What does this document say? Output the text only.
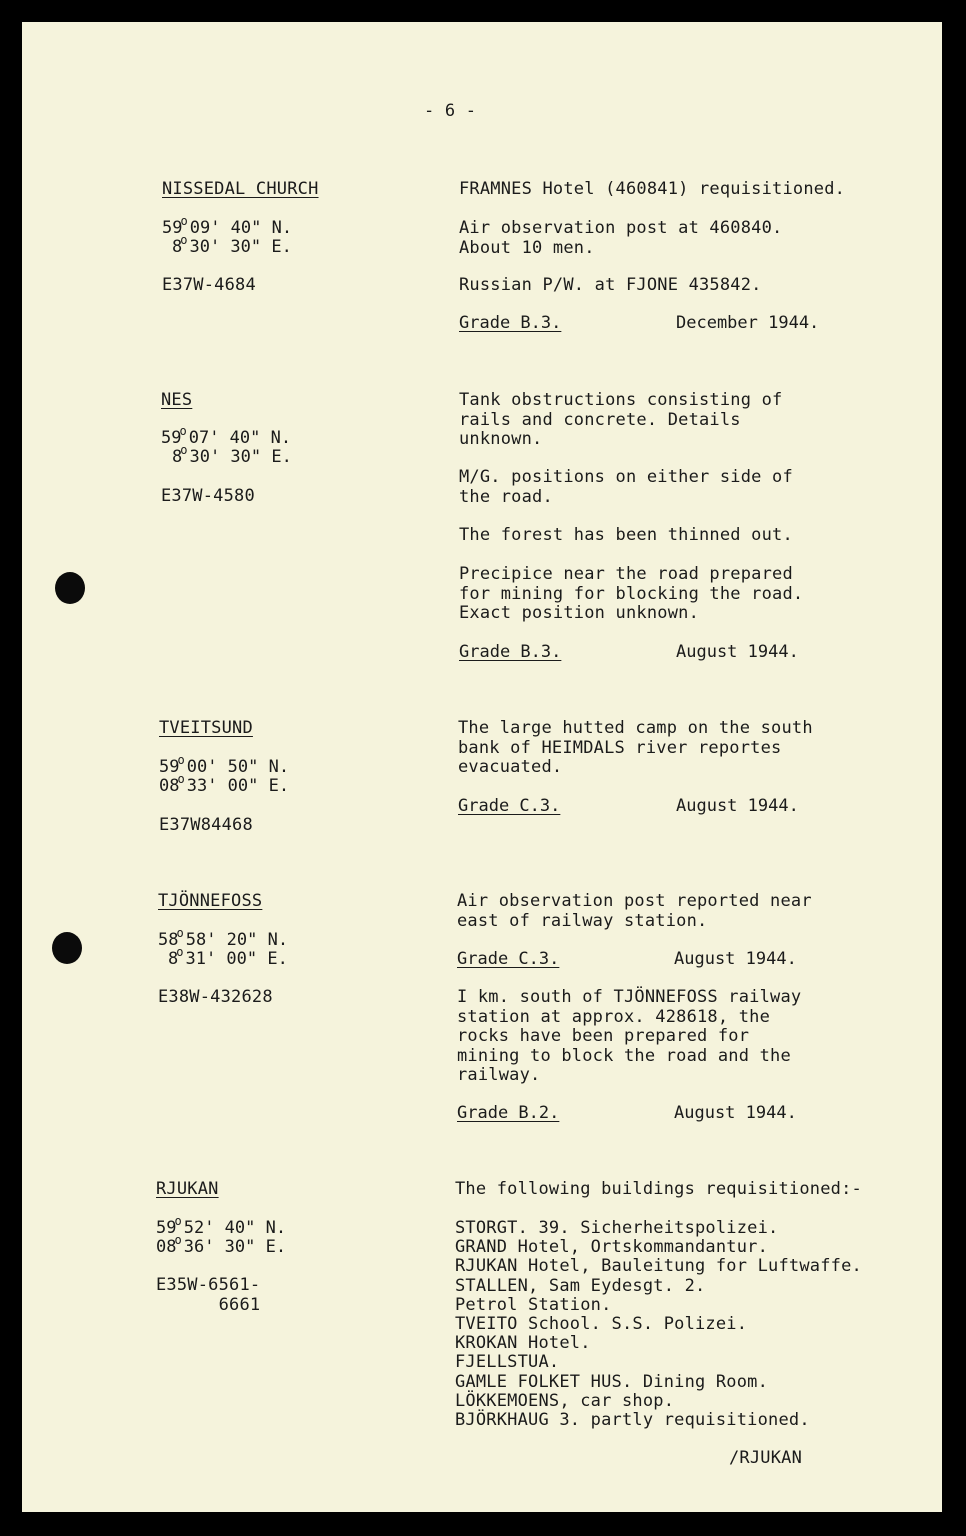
- 6 -
NISSEDAL CHURCH
59$^o$ 09' 40" N.
8$^o$ 30' 30" E.
E37W-4684
FRAMNES Hotel (460841) requisitioned.
Air observation post at 460840.
About 10 men.
Russian P/W. at FJONE 435842.
Grade B.3.	December 1944.
NES
59$^o$ 07' 40" N.
8$^o$ 30' 30" E.
E37W-4580
Tank obstructions consisting of
rails and concrete. Details
unknown.
M/G. positions on either side of
the road.
The forest has been thinned out.
Precipice near the road prepared
for mining for blocking the road.
Exact position unknown.
Grade B.3.	August 1944.
TVEITSUND
59$^o$ 00' 50" N.
08$^o$ 33' 00" E.
E37W84468
The large hutted camp on the south
bank of HEIMDALS river reportes
evacuated.
Grade C.3.	August 1944.
TJÖNNEFOSS
58$^o$ 58' 20" N.
8$^o$ 31' 00" E.
E38W-432628
Air observation post reported near
east of railway station.
Grade C.3.	August 1944.
I km. south of TJÖNNEFOSS railway
station at approx. 428618, the
rocks have been prepared for
mining to block the road and the
railway.
Grade B.2.	August 1944.
RJUKAN
59$^o$ 52' 40" N.
08$^o$ 36' 30" E.
E35W-6561-
6661
The following buildings requisitioned:-
STORGT. 39. Sicherheitspolizei.
GRAND Hotel, Ortskommandantur.
RJUKAN Hotel, Bauleitung for Luftwaffe.
STALLEN, Sam Eydesgt. 2.
Petrol Station.
TVEITO School. S.S. Polizei.
KROKAN Hotel.
FJELLSTUA.
GAMLE FOLKET HUS. Dining Room.
LÖKKEMOENS, car shop.
BJÖRKHAUG 3. partly requisitioned.
/RJUKAN
